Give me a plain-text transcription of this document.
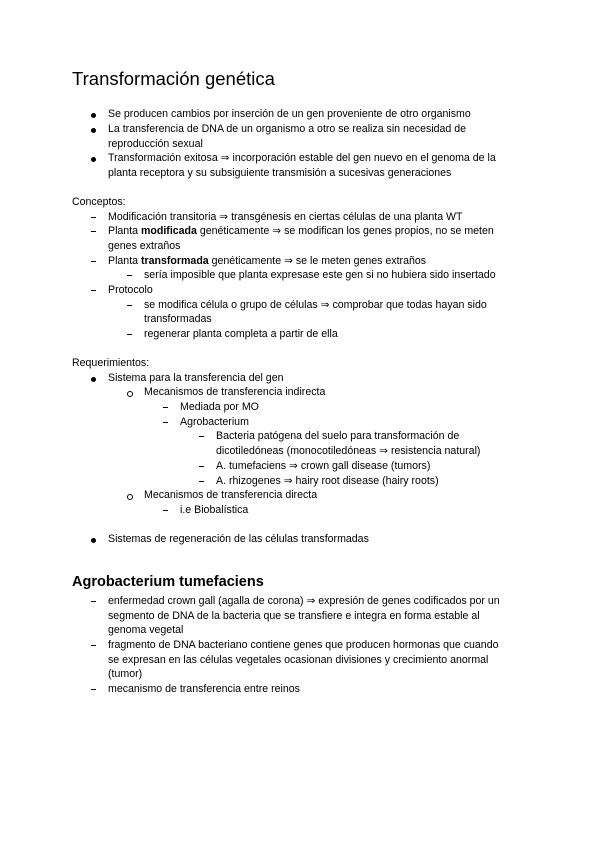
Transformación genética
Se producen cambios por inserción de un gen proveniente de otro organismo
La transferencia de DNA de un organismo a otro se realiza sin necesidad de
reproducción sexual
Transformación exitosa ⇒ incorporación estable del gen nuevo en el genoma de la
planta receptora y su subsiguiente transmisión a sucesivas generaciones
Conceptos:
Modificación transitoria ⇒ transgénesis en ciertas células de una planta WT
Planta modificada genéticamente ⇒ se modifican los genes propios, no se meten
genes extraños
Planta transformada genéticamente ⇒ se le meten genes extraños
sería imposible que planta expresase este gen si no hubiera sido insertado
Protocolo
se modifica célula o grupo de células ⇒ comprobar que todas hayan sido
transformadas
regenerar planta completa a partir de ella
Requerimientos:
Sistema para la transferencia del gen
Mecanismos de transferencia indirecta
Mediada por MO
Agrobacterium
Bacteria patógena del suelo para transformación de
dicotiledóneas (monocotiledóneas ⇒ resistencia natural)
A. tumefaciens ⇒ crown gall disease (tumors)
A. rhizogenes ⇒ hairy root disease (hairy roots)
Mecanismos de transferencia directa
i.e Biobalística
Sistemas de regeneración de las células transformadas
Agrobacterium tumefaciens
enfermedad crown gall (agalla de corona) ⇒ expresión de genes codificados por un
segmento de DNA de la bacteria que se transfiere e integra en forma estable al
genoma vegetal
fragmento de DNA bacteriano contiene genes que producen hormonas que cuando
se expresan en las células vegetales ocasionan divisiones y crecimiento anormal
(tumor)
mecanismo de transferencia entre reinos
